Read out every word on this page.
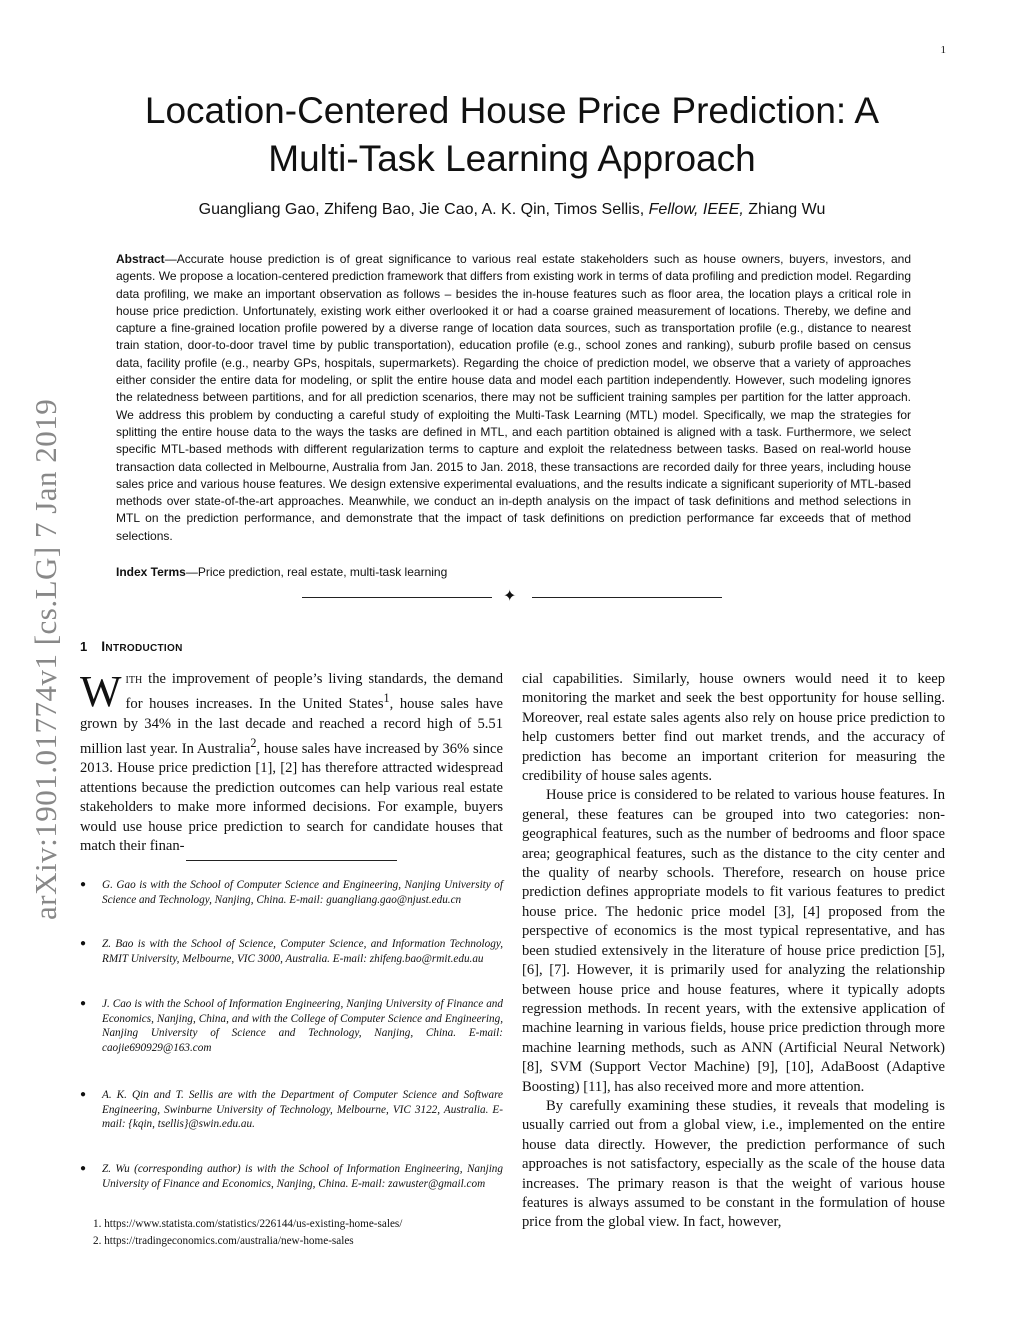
1
arXiv:1901.01774v1 [cs.LG] 7 Jan 2019
Location-Centered House Price Prediction: A
Multi-Task Learning Approach
Guangliang Gao, Zhifeng Bao, Jie Cao, A. K. Qin, Timos Sellis, Fellow, IEEE, Zhiang Wu
Abstract—Accurate house prediction is of great significance to various real estate stakeholders such as house owners, buyers, investors, and agents. We propose a location-centered prediction framework that differs from existing work in terms of data profiling and prediction model. Regarding data profiling, we make an important observation as follows – besides the in-house features such as floor area, the location plays a critical role in house price prediction. Unfortunately, existing work either overlooked it or had a coarse grained measurement of locations. Thereby, we define and capture a fine-grained location profile powered by a diverse range of location data sources, such as transportation profile (e.g., distance to nearest train station, door-to-door travel time by public transportation), education profile (e.g., school zones and ranking), suburb profile based on census data, facility profile (e.g., nearby GPs, hospitals, supermarkets). Regarding the choice of prediction model, we observe that a variety of approaches either consider the entire data for modeling, or split the entire house data and model each partition independently. However, such modeling ignores the relatedness between partitions, and for all prediction scenarios, there may not be sufficient training samples per partition for the latter approach. We address this problem by conducting a careful study of exploiting the Multi-Task Learning (MTL) model. Specifically, we map the strategies for splitting the entire house data to the ways the tasks are defined in MTL, and each partition obtained is aligned with a task. Furthermore, we select specific MTL-based methods with different regularization terms to capture and exploit the relatedness between tasks. Based on real-world house transaction data collected in Melbourne, Australia from Jan. 2015 to Jan. 2018, these transactions are recorded daily for three years, including house sales price and various house features. We design extensive experimental evaluations, and the results indicate a significant superiority of MTL-based methods over state-of-the-art approaches. Meanwhile, we conduct an in-depth analysis on the impact of task definitions and method selections in MTL on the prediction performance, and demonstrate that the impact of task definitions on prediction performance far exceeds that of method selections.
Index Terms—Price prediction, real estate, multi-task learning
✦
1 Introduction

With the improvement of people’s living standards, the demand for houses increases. In the United States$^1$, house sales have grown by 34% in the last decade and reached a record high of 5.51 million last year. In Australia$^2$, house sales have increased by 36% since 2013. House price prediction [1], [2] has therefore attracted widespread attentions because the prediction outcomes can help various real estate stakeholders to make more informed decisions. For example, buyers would use house price prediction to search for candidate houses that match their finan-

● G. Gao is with the School of Computer Science and Engineering, Nanjing University of Science and Technology, Nanjing, China. E-mail: guangliang.gao@njust.edu.cn
● Z. Bao is with the School of Science, Computer Science, and Information Technology, RMIT University, Melbourne, VIC 3000, Australia. E-mail: zhifeng.bao@rmit.edu.au
● J. Cao is with the School of Information Engineering, Nanjing University of Finance and Economics, Nanjing, China, and with the College of Computer Science and Engineering, Nanjing University of Science and Technology, Nanjing, China. E-mail: caojie690929@163.com
● A. K. Qin and T. Sellis are with the Department of Computer Science and Software Engineering, Swinburne University of Technology, Melbourne, VIC 3122, Australia. E-mail: {kqin, tsellis}@swin.edu.au.
● Z. Wu (corresponding author) is with the School of Information Engineering, Nanjing University of Finance and Economics, Nanjing, China. E-mail: zawuster@gmail.com
1. https://www.statista.com/statistics/226144/us-existing-home-sales/
2. https://tradingeconomics.com/australia/new-home-sales

cial capabilities. Similarly, house owners would need it to keep monitoring the market and seek the best opportunity for house selling. Moreover, real estate sales agents also rely on house price prediction to help customers better find out market trends, and the accuracy of prediction has become an important criterion for measuring the credibility of house sales agents.

House price is considered to be related to various house features. In general, these features can be grouped into two categories: non-geographical features, such as the number of bedrooms and floor space area; geographical features, such as the distance to the city center and the quality of nearby schools. Therefore, research on house price prediction defines appropriate models to fit various features to predict house price. The hedonic price model [3], [4] proposed from the perspective of economics is the most typical representative, and has been studied extensively in the literature of house price prediction [5], [6], [7]. However, it is primarily used for analyzing the relationship between house price and house features, where it typically adopts regression methods. In recent years, with the extensive application of machine learning in various fields, house price prediction through more machine learning methods, such as ANN (Artificial Neural Network) [8], SVM (Support Vector Machine) [9], [10], AdaBoost (Adaptive Boosting) [11], has also received more and more attention.

By carefully examining these studies, it reveals that modeling is usually carried out from a global view, i.e., implemented on the entire house data directly. However, the prediction performance of such approaches is not satisfactory, especially as the scale of the house data increases. The primary reason is that the weight of various house features is always assumed to be constant in the formulation of house price from the global view. In fact, however,
